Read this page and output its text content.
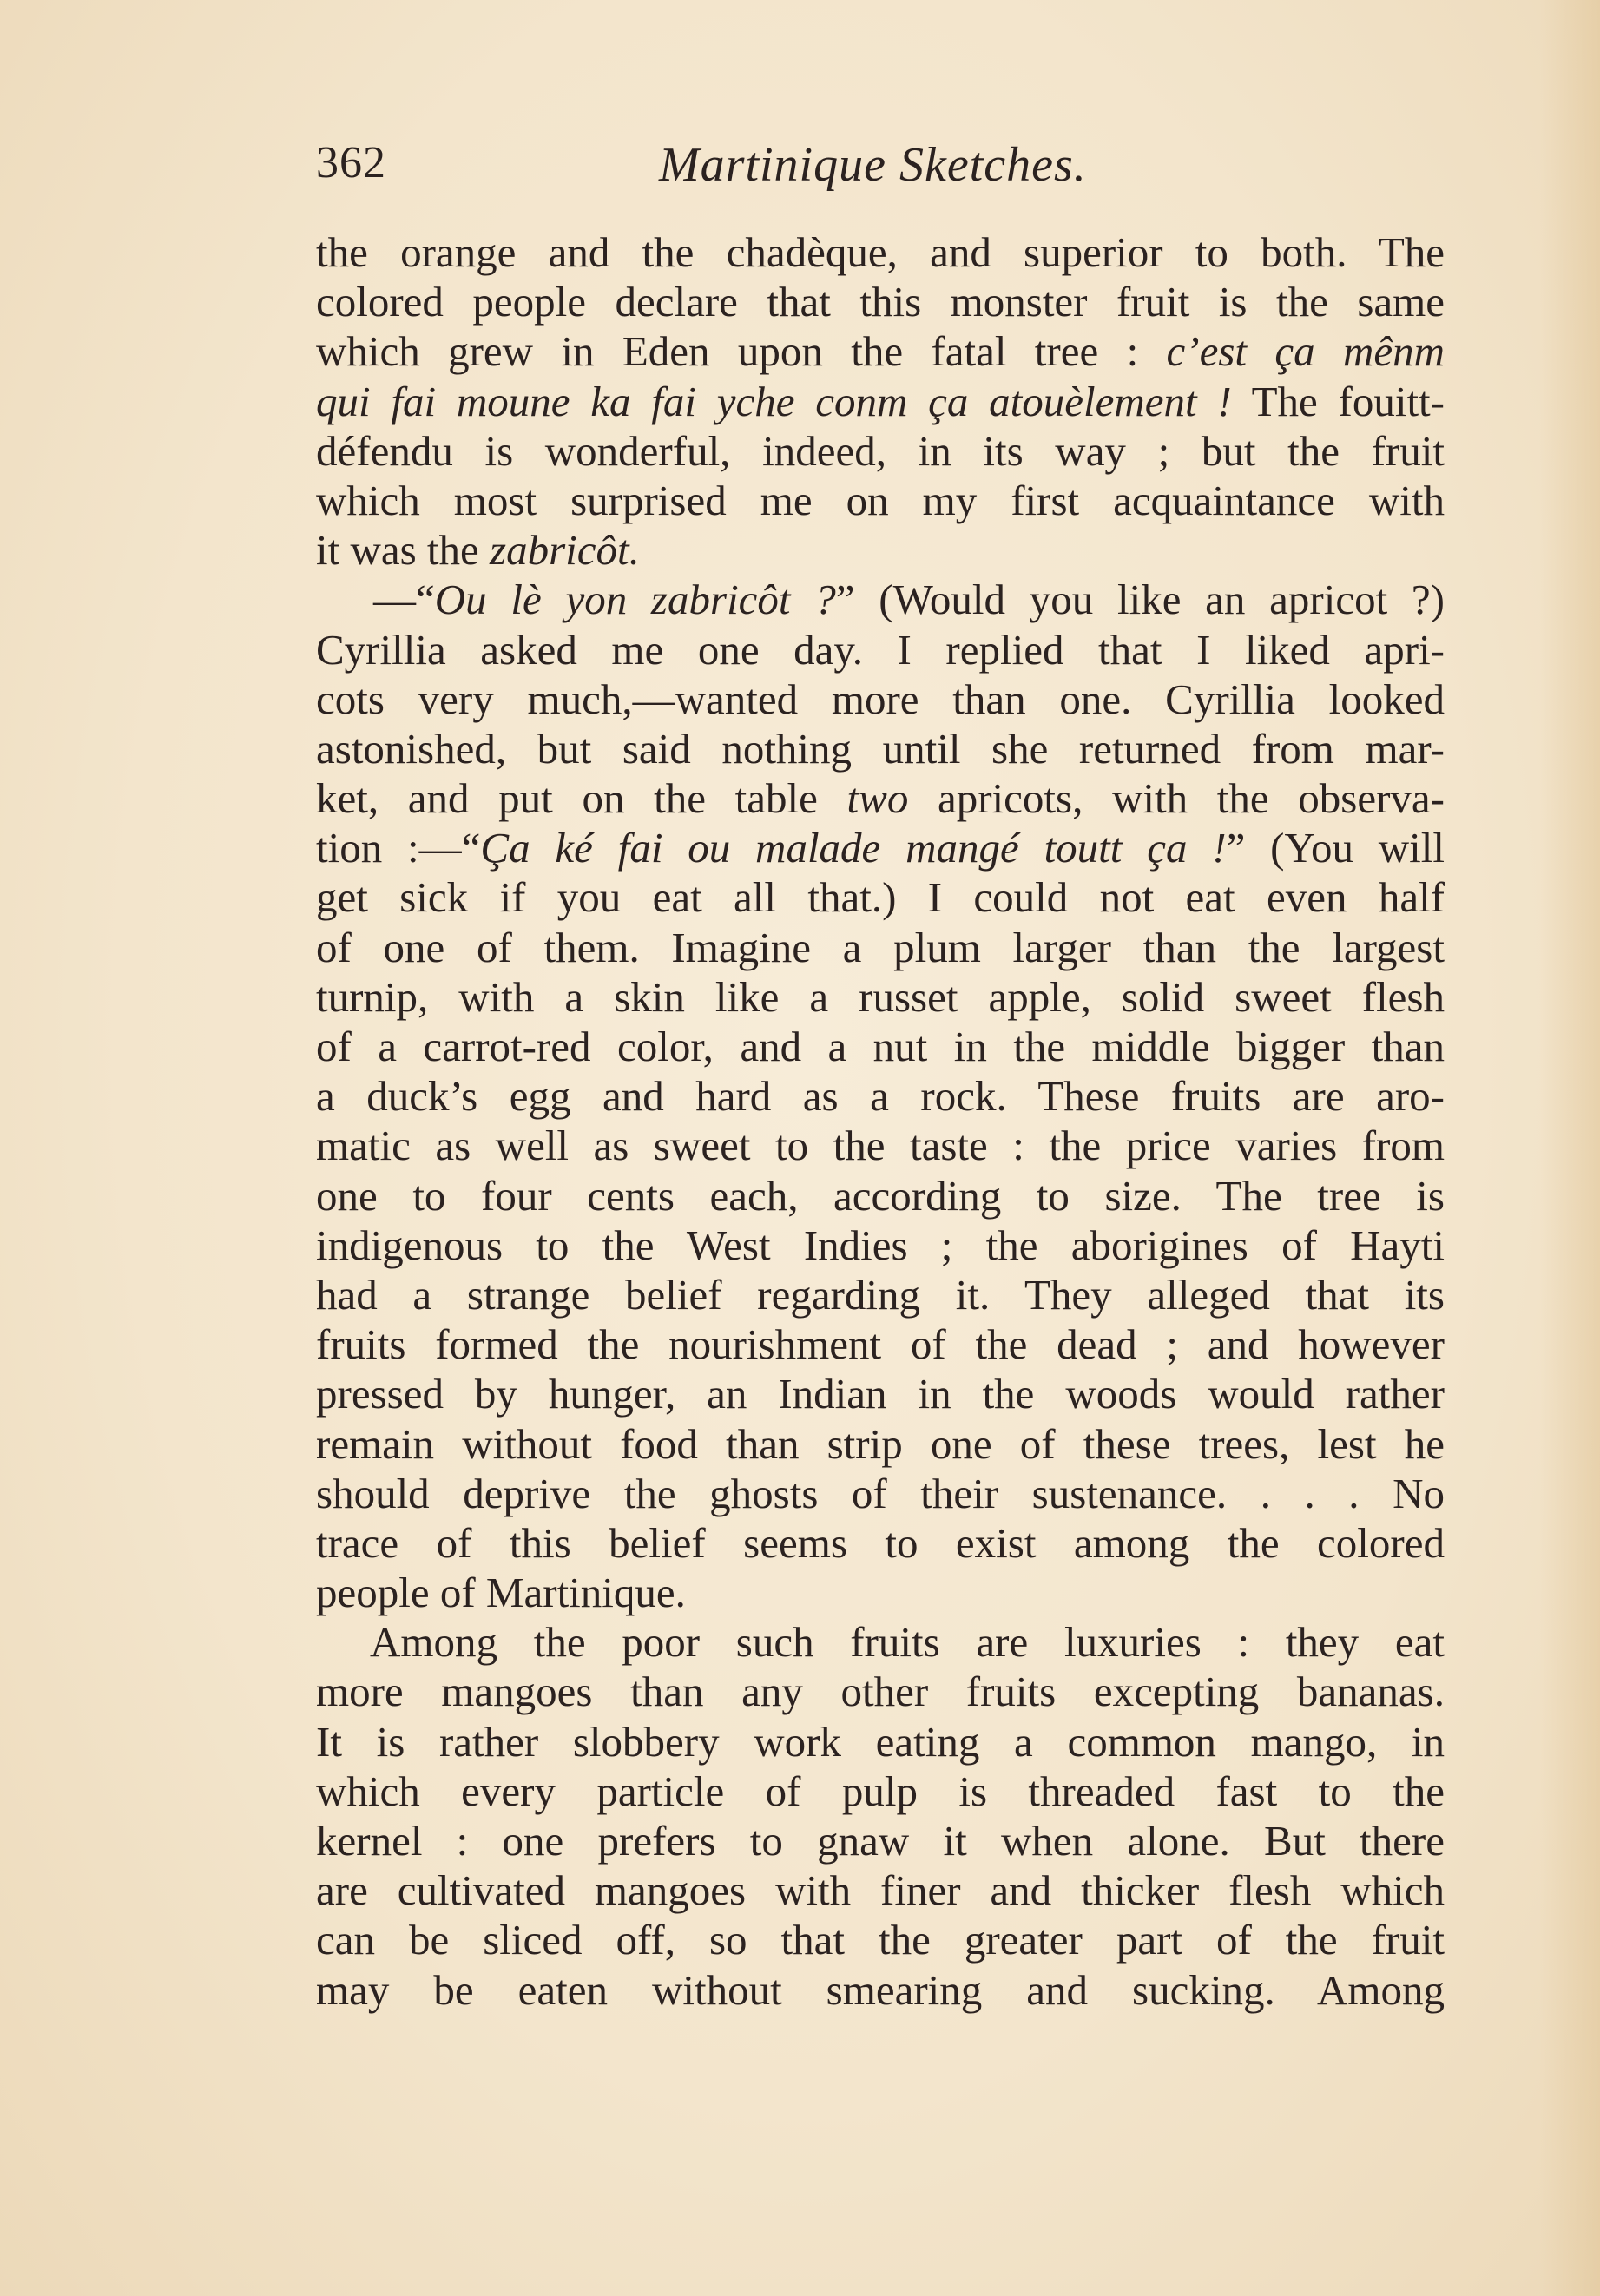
362	Martinique Sketches.
the orange and the chadèque, and superior to both. The
colored people declare that this monster fruit is the same
which grew in Eden upon the fatal tree : c’est ça mênm
qui fai moune ka fai yche conm ça atouèlement ! The fouitt-
défendu is wonderful, indeed, in its way ; but the fruit
which most surprised me on my first acquaintance with
it was the zabricôt.
—“Ou lè yon zabricôt ?” (Would you like an apricot ?)
Cyrillia asked me one day. I replied that I liked apri-
cots very much,—wanted more than one. Cyrillia looked
astonished, but said nothing until she returned from mar-
ket, and put on the table two apricots, with the observa-
tion :—“Ça ké fai ou malade mangé toutt ça !” (You will
get sick if you eat all that.) I could not eat even half
of one of them. Imagine a plum larger than the largest
turnip, with a skin like a russet apple, solid sweet flesh
of a carrot-red color, and a nut in the middle bigger than
a duck’s egg and hard as a rock. These fruits are aro-
matic as well as sweet to the taste : the price varies from
one to four cents each, according to size. The tree is
indigenous to the West Indies ; the aborigines of Hayti
had a strange belief regarding it. They alleged that its
fruits formed the nourishment of the dead ; and however
pressed by hunger, an Indian in the woods would rather
remain without food than strip one of these trees, lest he
should deprive the ghosts of their sustenance. . . . No
trace of this belief seems to exist among the colored
people of Martinique.
Among the poor such fruits are luxuries : they eat
more mangoes than any other fruits excepting bananas.
It is rather slobbery work eating a common mango, in
which every particle of pulp is threaded fast to the
kernel : one prefers to gnaw it when alone. But there
are cultivated mangoes with finer and thicker flesh which
can be sliced off, so that the greater part of the fruit
may be eaten without smearing and sucking. Among
